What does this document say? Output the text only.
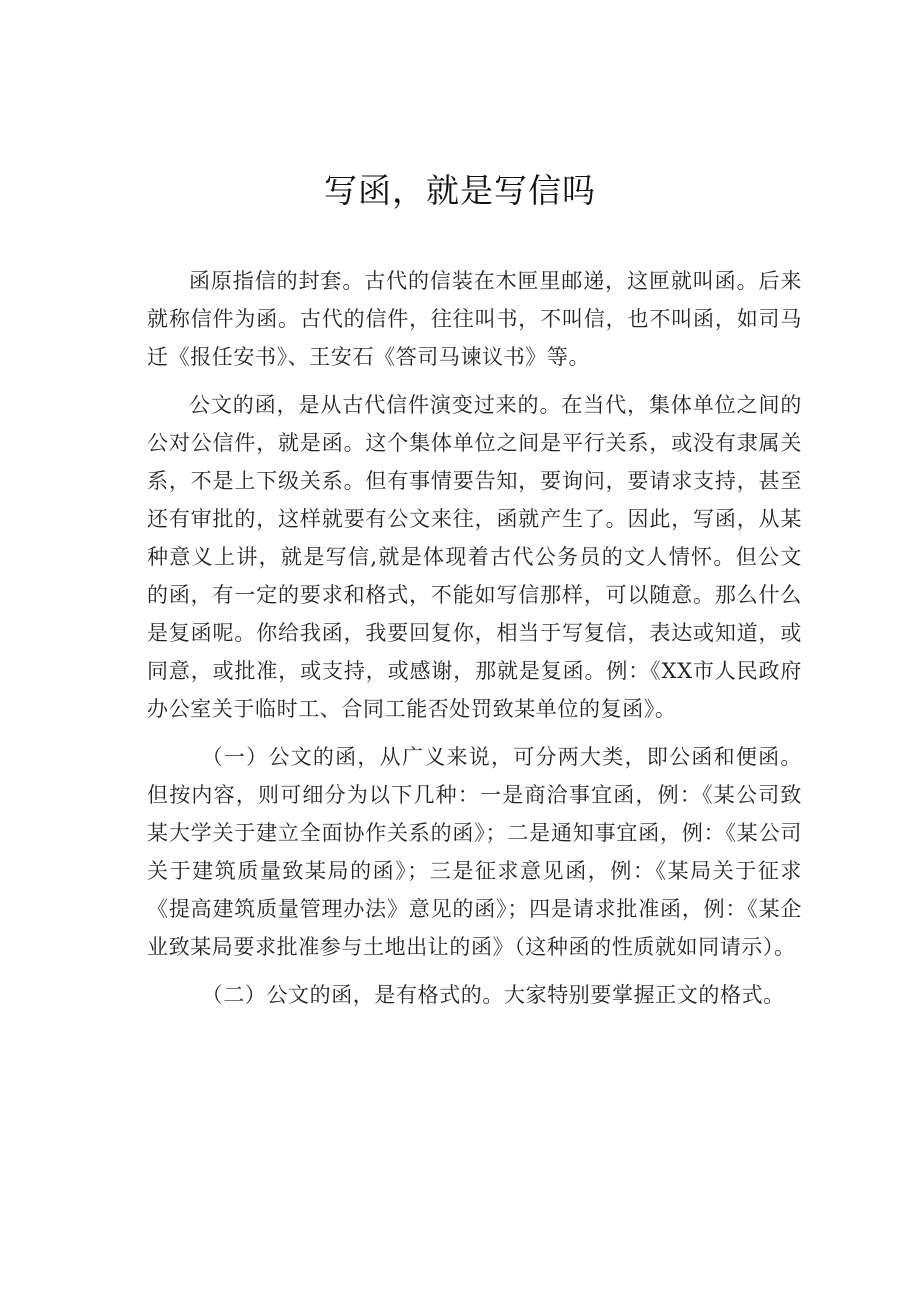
写函，就是写信吗

函原指信的封套。古代的信装在木匣里邮递，这匣就叫函。后来就称信件为函。古代的信件，往往叫书，不叫信，也不叫函，如司马迁《报任安书》、王安石《答司马谏议书》等。

公文的函，是从古代信件演变过来的。在当代，集体单位之间的公对公信件，就是函。这个集体单位之间是平行关系，或没有隶属关系，不是上下级关系。但有事情要告知，要询问，要请求支持，甚至还有审批的，这样就要有公文来往，函就产生了。因此，写函，从某种意义上讲，就是写信,就是体现着古代公务员的文人情怀。但公文的函，有一定的要求和格式，不能如写信那样，可以随意。那么什么是复函呢。你给我函，我要回复你，相当于写复信，表达或知道，或同意，或批准，或支持，或感谢，那就是复函。例：《XX市人民政府办公室关于临时工、合同工能否处罚致某单位的复函》。

（一）公文的函，从广义来说，可分两大类，即公函和便函。但按内容，则可细分为以下几种：一是商洽事宜函，例：《某公司致某大学关于建立全面协作关系的函》；二是通知事宜函，例：《某公司关于建筑质量致某局的函》；三是征求意见函，例：《某局关于征求《提高建筑质量管理办法》意见的函》；四是请求批准函，例：《某企业致某局要求批准参与土地出让的函》（这种函的性质就如同请示）。

（二）公文的函，是有格式的。大家特别要掌握正文的格式。
